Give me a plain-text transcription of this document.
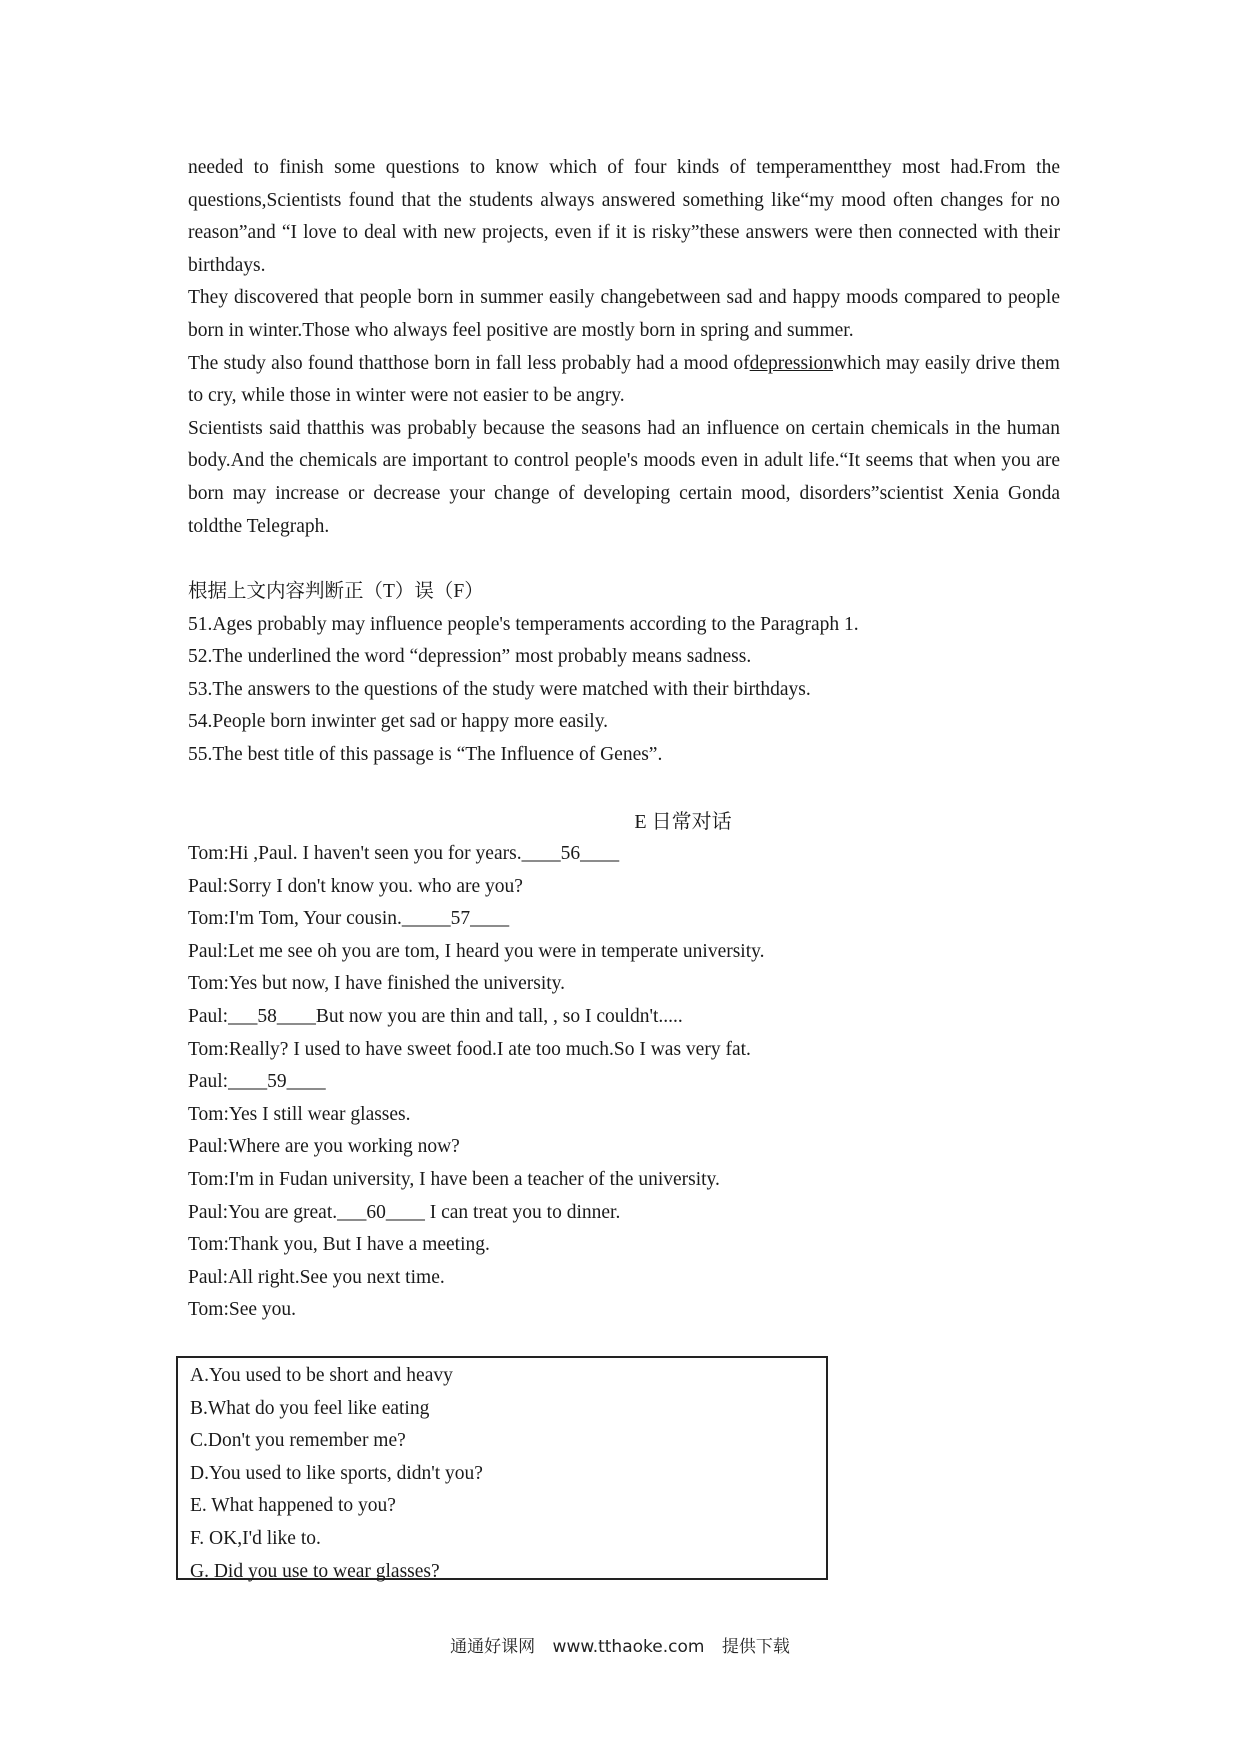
needed to finish some questions to know which of four kinds of temperamentthey most had.From the questions,Scientists found that the students always answered something like“my mood often changes for no reason”and “I love to deal with new projects, even if it is risky”these answers were then connected with their birthdays.

They discovered that people born in summer easily changebetween sad and happy moods compared to people born in winter.Those who always feel positive are mostly born in spring and summer.

The study also found thatthose born in fall less probably had a mood ofdepressionwhich may easily drive them to cry, while those in winter were not easier to be angry.

Scientists said thatthis was probably because the seasons had an influence on certain chemicals in the human body.And the chemicals are important to control people's moods even in adult life.“It seems that when you are born may increase or decrease your change of developing certain mood, disorders”scientist Xenia Gonda toldthe Telegraph.

根据上文内容判断正（T）误（F）
51.Ages probably may influence people's temperaments according to the Paragraph 1.
52.The underlined the word “depression” most probably means sadness.
53.The answers to the questions of the study were matched with their birthdays.
54.People born inwinter get sad or happy more easily.
55.The best title of this passage is “The Influence of Genes”.
E 日常对话
Tom:Hi ,Paul. I haven't seen you for years.____56____
Paul:Sorry I don't know you. who are you?
Tom:I'm Tom, Your cousin._____57____
Paul:Let me see oh you are tom, I heard you were in temperate university.
Tom:Yes but now, I have finished the university.
Paul:___58____But now you are thin and tall, , so I couldn't.....
Tom:Really? I used to have sweet food.I ate too much.So I was very fat.
Paul:____59____
Tom:Yes I still wear glasses.
Paul:Where are you working now?
Tom:I'm in Fudan university, I have been a teacher of the university.
Paul:You are great.___60____ I can treat you to dinner.
Tom:Thank you, But I have a meeting.
Paul:All right.See you next time.
Tom:See you.
A.You used to be short and heavy
B.What do you feel like eating
C.Don't you remember me?
D.You used to like sports, didn't you?
E. What happened to you?
F. OK,I'd like to.
G. Did you use to wear glasses?
通通好课网 www.tthaoke.com 提供下载
